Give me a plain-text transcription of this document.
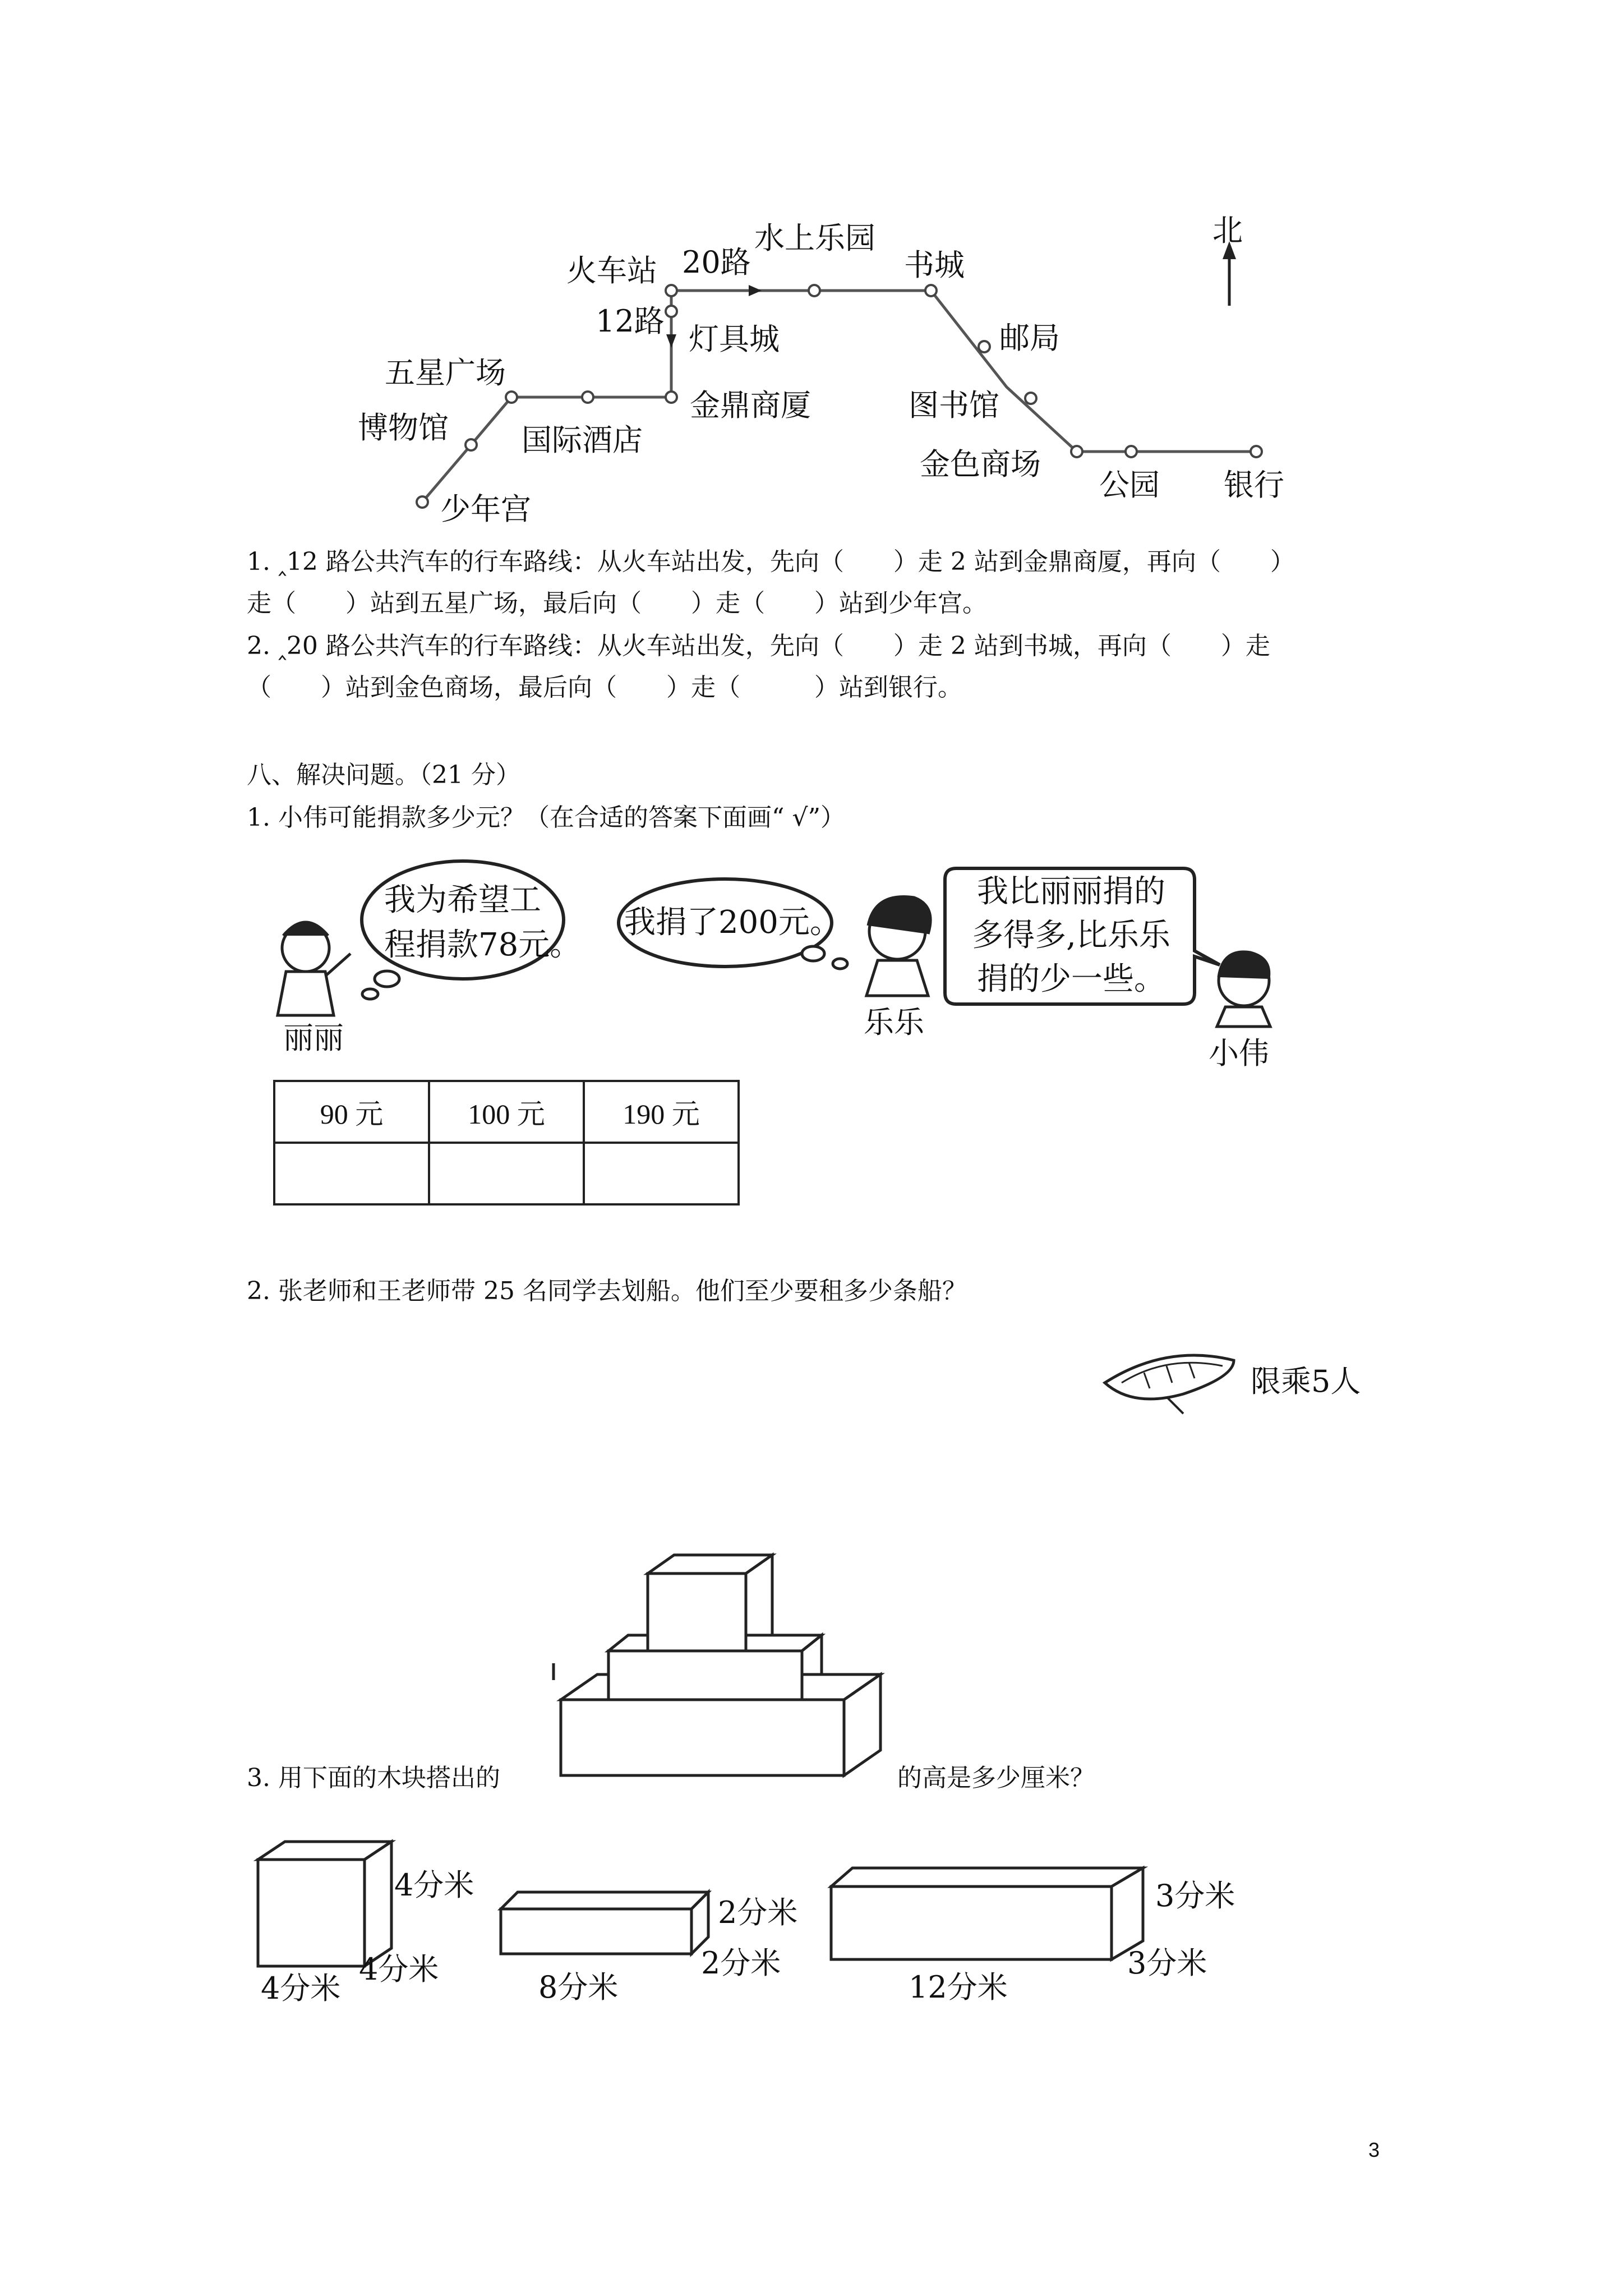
北
火车站 20路
水上乐园
书城
12路
灯具城	邮局
五星广场
金鼎商厦	图书馆
博物馆 国际酒店
金色商场
公园 银行
少年宫
1. ‸12 路公共汽车的行车路线：从火车站出发，先向（　　）走 2 站到金鼎商厦，再向（　　）
走（　　）站到五星广场，最后向（　　）走（　　）站到少年宫。
2. ‸20 路公共汽车的行车路线：从火车站出发，先向（　　）走 2 站到书城，再向（　　）走
（　　）站到金色商场，最后向（　　）走（　　　）站到银行。
八、解决问题。（21 分）
1. 小伟可能捐款多少元？（在合适的答案下面画“ √”）
我为希望工
程捐款78元。
我捐了200元。
我比丽丽捐的
多得多,比乐乐
捐的少一些。
丽丽	乐乐
小伟
90 元	100 元	190 元

2. 张老师和王老师带 25 名同学去划船。他们至少要租多少条船？
限乘5人
3. 用下面的木块搭出的	的高是多少厘米？
4分米
4分米
4分米
2分米
2分米
8分米
3分米
3分米
12分米
3
